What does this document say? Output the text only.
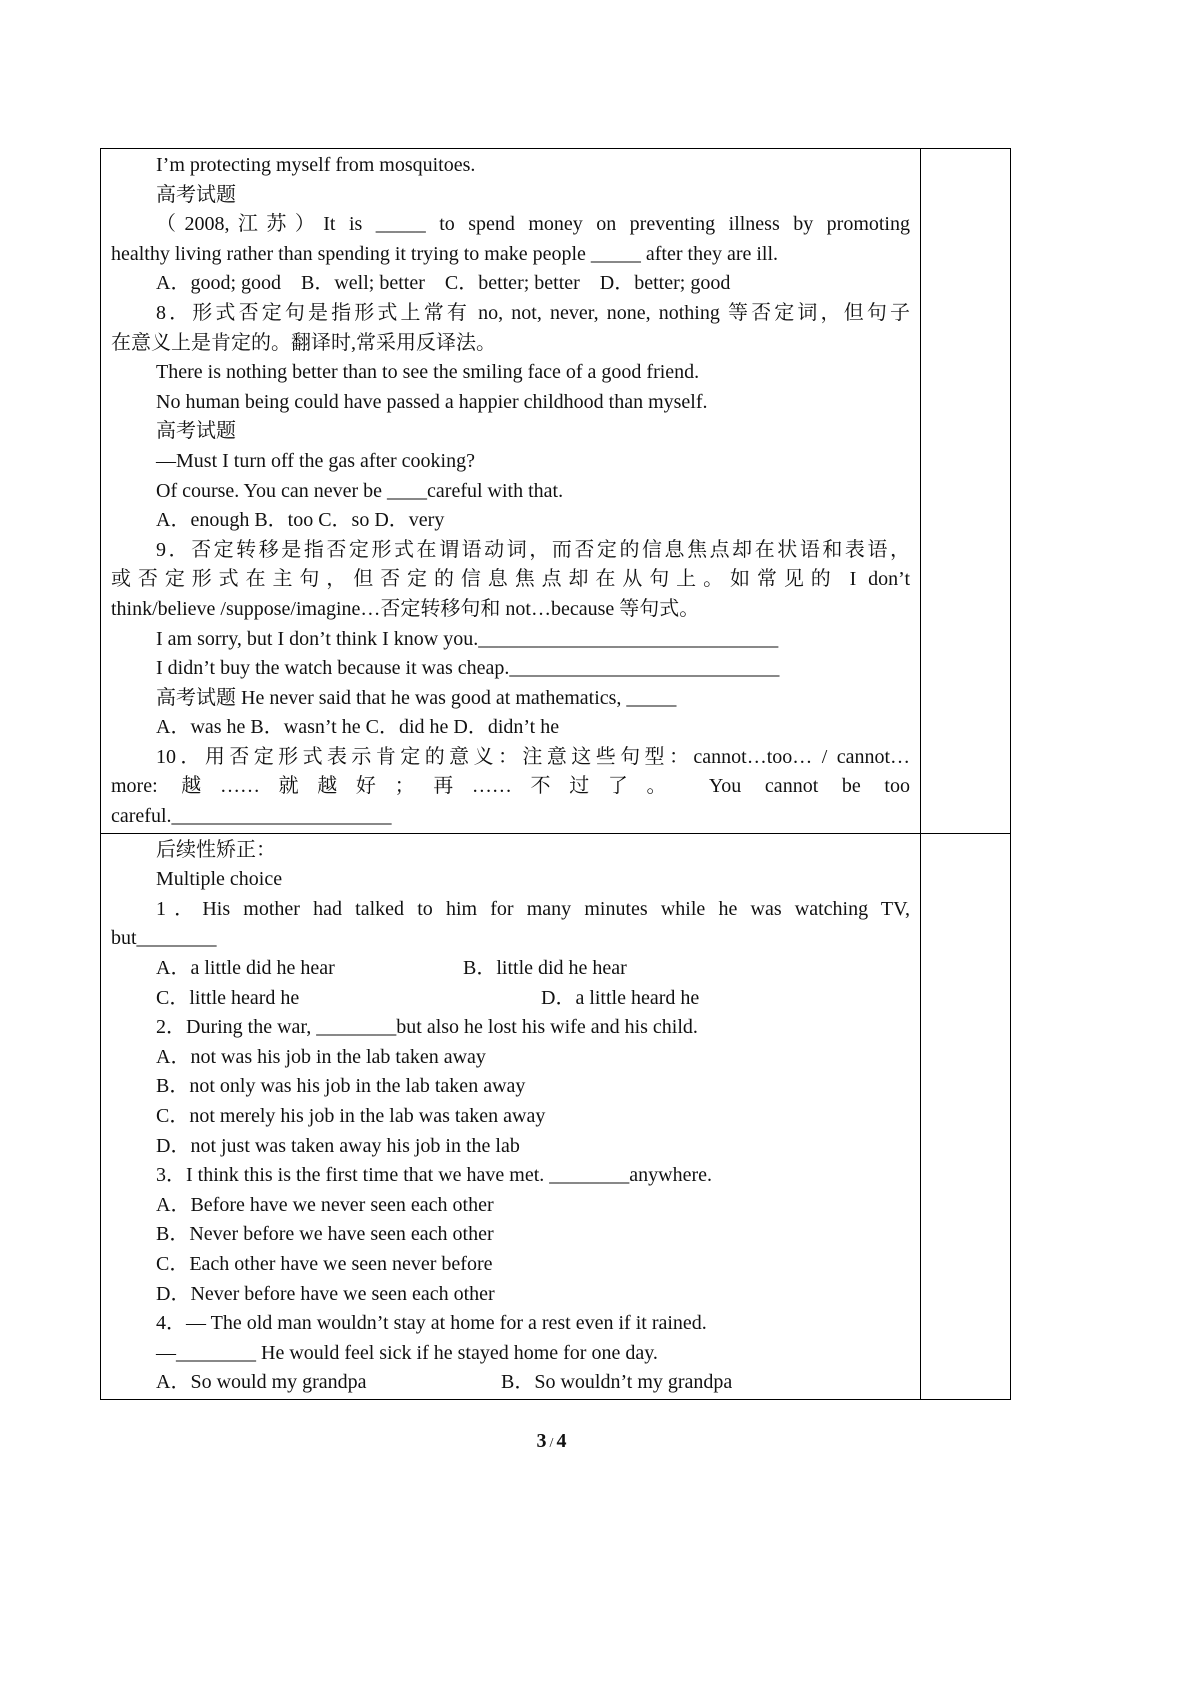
I’m protecting myself from mosquitoes.
高考试题
（2008,江苏）It is _____ to spend money on preventing illness by promoting
healthy living rather than spending it trying to make people _____ after they are ill.
A．good; good　B．well; better　C．better; better　D．better; good
8．形式否定句是指形式上常有 no, not, never, none, nothing 等否定词，但句子
在意义上是肯定的。翻译时,常采用反译法。
There is nothing better than to see the smiling face of a good friend.
No human being could have passed a happier childhood than myself.
高考试题
—Must I turn off the gas after cooking?
Of course. You can never be ____careful with that.
A．enough B．too C．so D．very
9．否定转移是指否定形式在谓语动词，而否定的信息焦点却在状语和表语，
或否定形式在主句，但否定的信息焦点却在从句上。如常见的 I don’t
think/believe /suppose/imagine…否定转移句和 not…because 等句式。
I am sorry, but I don’t think I know you.______________________________
I didn’t buy the watch because it was cheap.___________________________
高考试题 He never said that he was good at mathematics, _____
A．was he B．wasn’t he C．did he D．didn’t he
10．用否定形式表示肯定的意义：注意这些句型：cannot…too… / cannot…
more: 越……就越好；再……不过了。 You cannot be too
careful.______________________
后续性矫正：
Multiple choice
1．His mother had talked to him for many minutes while he was watching TV,
but________
A．a little did he hear	B．little did he hear
C．little heard he	D．a little heard he
2．During the war, ________but also he lost his wife and his child.
A．not was his job in the lab taken away
B．not only was his job in the lab taken away
C．not merely his job in the lab was taken away
D．not just was taken away his job in the lab
3．I think this is the first time that we have met. ________anywhere.
A．Before have we never seen each other
B．Never before we have seen each other
C．Each other have we seen never before
D．Never before have we seen each other
4．— The old man wouldn’t stay at home for a rest even if it rained.
—________ He would feel sick if he stayed home for one day.
A．So would my grandpa	B．So wouldn’t my grandpa
3 / 4
